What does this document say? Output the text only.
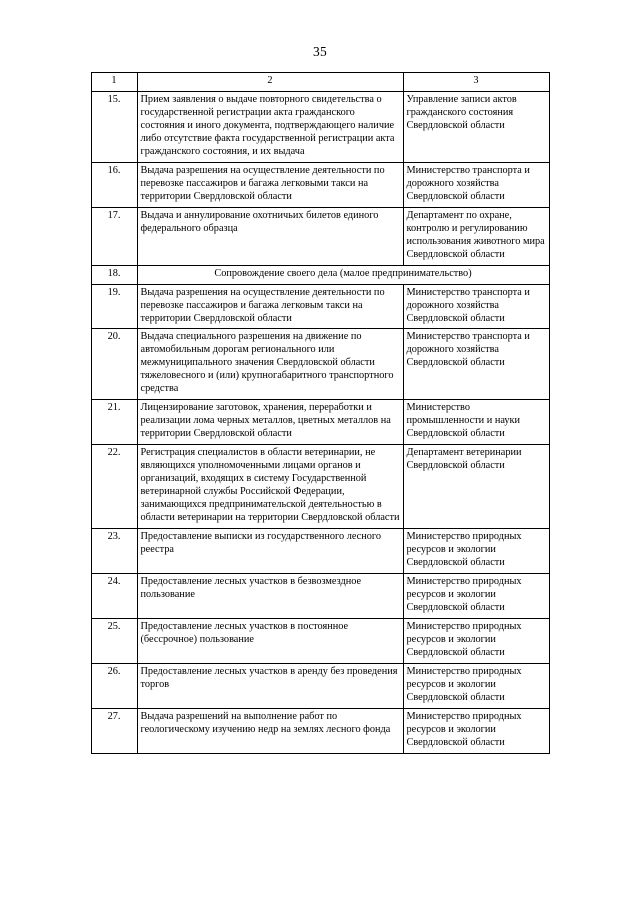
35
1	2	3
15.	Прием заявления о выдаче повторного свидетельства о государственной регистрации акта гражданского состояния и иного документа, подтверждающего наличие либо отсутствие факта государственной регистрации акта гражданского состояния, и их выдача	Управление записи актов гражданского состояния Свердловской области
16.	Выдача разрешения на осуществление деятельности по перевозке пассажиров и багажа легковыми такси на территории Свердловской области	Министерство транспорта и дорожного хозяйства Свердловской области
17.	Выдача и аннулирование охотничьих билетов единого федерального образца	Департамент по охране, контролю и регулированию использования животного мира Свердловской области
18.	Сопровождение своего дела (малое предпринимательство)	
19.	Выдача разрешения на осуществление деятельности по перевозке пассажиров и багажа легковым такси на территории Свердловской области	Министерство транспорта и дорожного хозяйства Свердловской области
20.	Выдача специального разрешения на движение по автомобильным дорогам регионального или межмуниципального значения Свердловской области тяжеловесного и (или) крупногабаритного транспортного средства	Министерство транспорта и дорожного хозяйства Свердловской области
21.	Лицензирование заготовок, хранения, переработки и реализации лома черных металлов, цветных металлов на территории Свердловской области	Министерство промышленности и науки Свердловской области
22.	Регистрация специалистов в области ветеринарии, не являющихся уполномоченными лицами органов и организаций, входящих в систему Государственной ветеринарной службы Российской Федерации, занимающихся предпринимательской деятельностью в области ветеринарии на территории Свердловской области	Департамент ветеринарии Свердловской области
23.	Предоставление выписки из государственного лесного реестра	Министерство природных ресурсов и экологии Свердловской области
24.	Предоставление лесных участков в безвозмездное пользование	Министерство природных ресурсов и экологии Свердловской области
25.	Предоставление лесных участков в постоянное (бессрочное) пользование	Министерство природных ресурсов и экологии Свердловской области
26.	Предоставление лесных участков в аренду без проведения торгов	Министерство природных ресурсов и экологии Свердловской области
27.	Выдача разрешений на выполнение работ по геологическому изучению недр на землях лесного фонда	Министерство природных ресурсов и экологии Свердловской области
